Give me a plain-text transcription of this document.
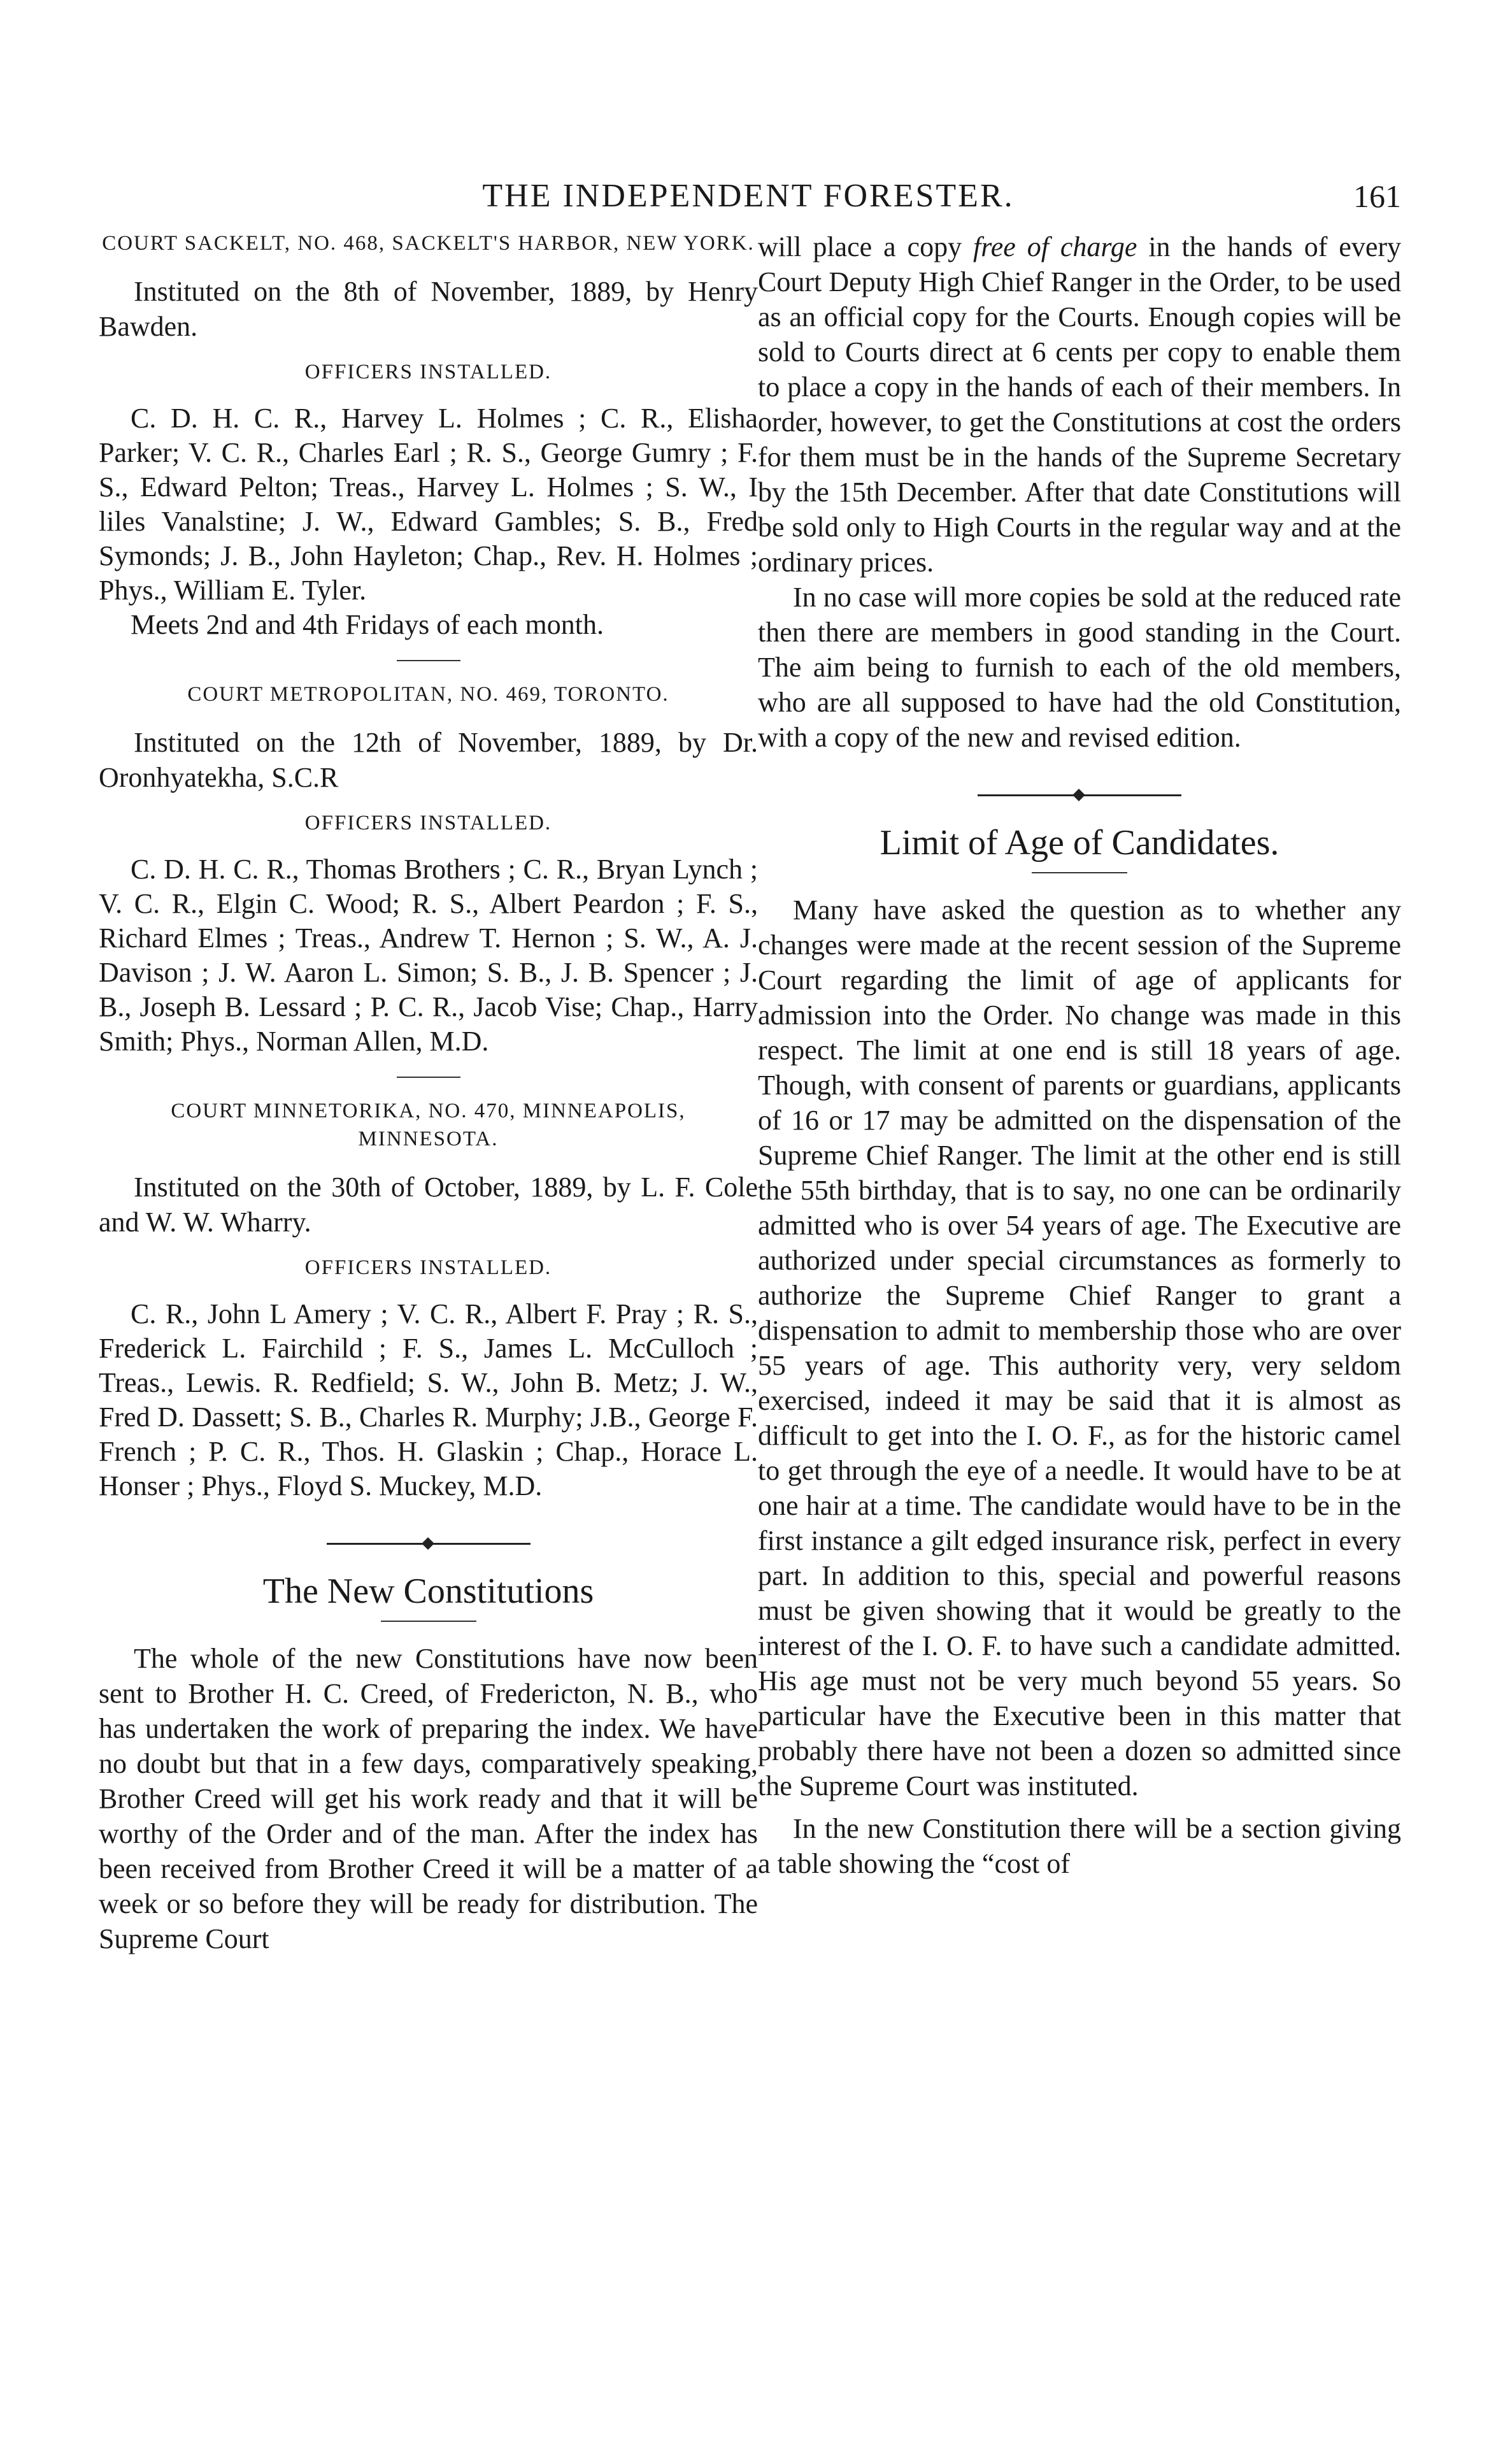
THE INDEPENDENT FORESTER.	161
COURT SACKELT, NO. 468, SACKELT'S HARBOR, NEW YORK.

Instituted on the 8th of November, 1889, by Henry Bawden.

OFFICERS INSTALLED.

C. D. H. C. R., Harvey L. Holmes ; C. R., Elisha Parker; V. C. R., Charles Earl ; R. S., George Gumry ; F. S., Edward Pelton; Treas., Harvey L. Holmes ; S. W., I liles Vanalstine; J. W., Edward Gambles; S. B., Fred Symonds; J. B., John Hayleton; Chap., Rev. H. Holmes ; Phys., William E. Tyler.

Meets 2nd and 4th Fridays of each month.

COURT METROPOLITAN, NO. 469, TORONTO.

Instituted on the 12th of November, 1889, by Dr. Oronhyatekha, S.C.R

OFFICERS INSTALLED.

C. D. H. C. R., Thomas Brothers ; C. R., Bryan Lynch ; V. C. R., Elgin C. Wood; R. S., Albert Peardon ; F. S., Richard Elmes ; Treas., Andrew T. Hernon ; S. W., A. J. Davison ; J. W. Aaron L. Simon; S. B., J. B. Spencer ; J. B., Joseph B. Lessard ; P. C. R., Jacob Vise; Chap., Harry Smith; Phys., Norman Allen, M.D.

COURT MINNETORIKA, NO. 470, MINNEAPOLIS, MINNESOTA.

Instituted on the 30th of October, 1889, by L. F. Cole and W. W. Wharry.

OFFICERS INSTALLED.

C. R., John L Amery ; V. C. R., Albert F. Pray ; R. S., Frederick L. Fairchild ; F. S., James L. McCulloch ; Treas., Lewis. R. Redfield; S. W., John B. Metz; J. W., Fred D. Dassett; S. B., Charles R. Murphy; J.B., George F. French ; P. C. R., Thos. H. Glaskin ; Chap., Horace L. Honser ; Phys., Floyd S. Muckey, M.D.

The New Constitutions

The whole of the new Constitutions have now been sent to Brother H. C. Creed, of Fredericton, N. B., who has undertaken the work of preparing the index. We have no doubt but that in a few days, comparatively speaking, Brother Creed will get his work ready and that it will be worthy of the Order and of the man. After the index has been received from Brother Creed it will be a matter of a week or so before they will be ready for distribution. The Supreme Court

will place a copy free of charge in the hands of every Court Deputy High Chief Ranger in the Order, to be used as an official copy for the Courts. Enough copies will be sold to Courts direct at 6 cents per copy to enable them to place a copy in the hands of each of their members. In order, however, to get the Constitutions at cost the orders for them must be in the hands of the Supreme Secretary by the 15th December. After that date Constitutions will be sold only to High Courts in the regular way and at the ordinary prices.

In no case will more copies be sold at the reduced rate then there are members in good standing in the Court. The aim being to furnish to each of the old members, who are all supposed to have had the old Constitution, with a copy of the new and revised edition.

Limit of Age of Candidates.

Many have asked the question as to whether any changes were made at the recent session of the Supreme Court regarding the limit of age of applicants for admission into the Order. No change was made in this respect. The limit at one end is still 18 years of age. Though, with consent of parents or guardians, applicants of 16 or 17 may be admitted on the dispensation of the Supreme Chief Ranger. The limit at the other end is still the 55th birthday, that is to say, no one can be ordinarily admitted who is over 54 years of age. The Executive are authorized under special circumstances as formerly to authorize the Supreme Chief Ranger to grant a dispensation to admit to membership those who are over 55 years of age. This authority very, very seldom exercised, indeed it may be said that it is almost as difficult to get into the I. O. F., as for the historic camel to get through the eye of a needle. It would have to be at one hair at a time. The candidate would have to be in the first instance a gilt edged insurance risk, perfect in every part. In addition to this, special and powerful reasons must be given showing that it would be greatly to the interest of the I. O. F. to have such a candidate admitted. His age must not be very much beyond 55 years. So particular have the Executive been in this matter that probably there have not been a dozen so admitted since the Supreme Court was instituted.

In the new Constitution there will be a section giving a table showing the “cost of
